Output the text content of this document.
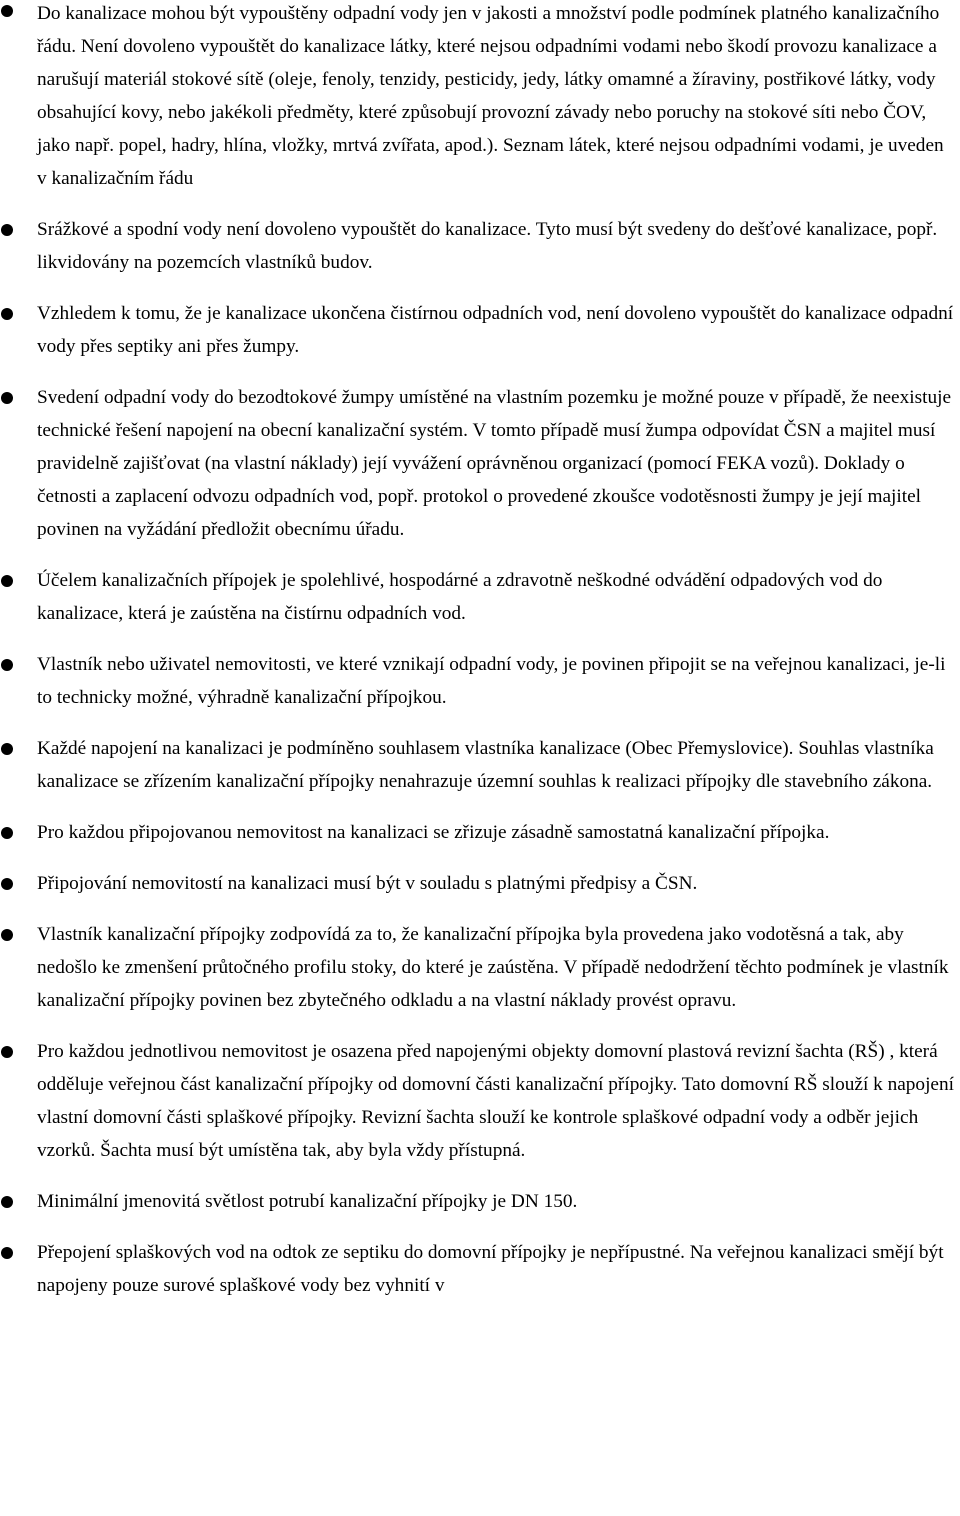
Do kanalizace mohou být vypouštěny odpadní vody jen v jakosti a množství podle podmínek platného kanalizačního řádu. Není dovoleno vypouštět do kanalizace látky, které nejsou odpadními vodami nebo škodí provozu kanalizace a narušují materiál stokové sítě (oleje, fenoly, tenzidy, pesticidy, jedy, látky omamné a žíraviny, postřikové látky, vody obsahující kovy, nebo jakékoli předměty, které způsobují provozní závady nebo poruchy na stokové síti nebo ČOV, jako např. popel, hadry, hlína, vložky, mrtvá zvířata, apod.). Seznam látek, které nejsou odpadními vodami, je uveden v kanalizačním řádu
Srážkové a spodní vody není dovoleno vypouštět do kanalizace. Tyto musí být svedeny do dešťové kanalizace, popř. likvidovány na pozemcích vlastníků budov.
Vzhledem k tomu, že je kanalizace ukončena čistírnou odpadních vod, není dovoleno vypouštět do kanalizace odpadní vody přes septiky ani přes žumpy.
Svedení odpadní vody do bezodtokové žumpy umístěné na vlastním pozemku je možné pouze v případě, že neexistuje technické řešení napojení na obecní kanalizační systém. V tomto případě musí žumpa odpovídat ČSN a majitel musí pravidelně zajišťovat (na vlastní náklady) její vyvážení oprávněnou organizací (pomocí FEKA vozů). Doklady o četnosti a zaplacení odvozu odpadních vod, popř. protokol o provedené zkoušce vodotěsnosti žumpy je její majitel povinen na vyžádání předložit obecnímu úřadu.
Účelem kanalizačních přípojek je spolehlivé, hospodárné a zdravotně neškodné odvádění odpadových vod do kanalizace, která je zaústěna na čistírnu odpadních vod.
Vlastník nebo uživatel nemovitosti, ve které vznikají odpadní vody, je povinen připojit se na veřejnou kanalizaci, je-li to technicky možné, výhradně kanalizační přípojkou.
Každé napojení na kanalizaci je podmíněno souhlasem vlastníka kanalizace (Obec Přemyslovice). Souhlas vlastníka kanalizace se zřízením kanalizační přípojky nenahrazuje územní souhlas k realizaci přípojky dle stavebního zákona.
Pro každou připojovanou nemovitost na kanalizaci se zřizuje zásadně samostatná kanalizační přípojka.
Připojování nemovitostí na kanalizaci musí být v souladu s platnými předpisy a ČSN.
Vlastník kanalizační přípojky zodpovídá za to, že kanalizační přípojka byla provedena jako vodotěsná a tak, aby nedošlo ke zmenšení průtočného profilu stoky, do které je zaústěna. V případě nedodržení těchto podmínek je vlastník kanalizační přípojky povinen bez zbytečného odkladu a na vlastní náklady provést opravu.
Pro každou jednotlivou nemovitost je osazena před napojenými objekty domovní plastová revizní šachta (RŠ) , která odděluje veřejnou část kanalizační přípojky od domovní části kanalizační přípojky. Tato domovní RŠ slouží k napojení vlastní domovní části splaškové přípojky. Revizní šachta slouží ke kontrole splaškové odpadní vody a odběr jejich vzorků. Šachta musí být umístěna tak, aby byla vždy přístupná.
Minimální jmenovitá světlost potrubí kanalizační přípojky je DN 150.
Přepojení splaškových vod na odtok ze septiku do domovní přípojky je nepřípustné. Na veřejnou kanalizaci smějí být napojeny pouze surové splaškové vody bez vyhnití v
